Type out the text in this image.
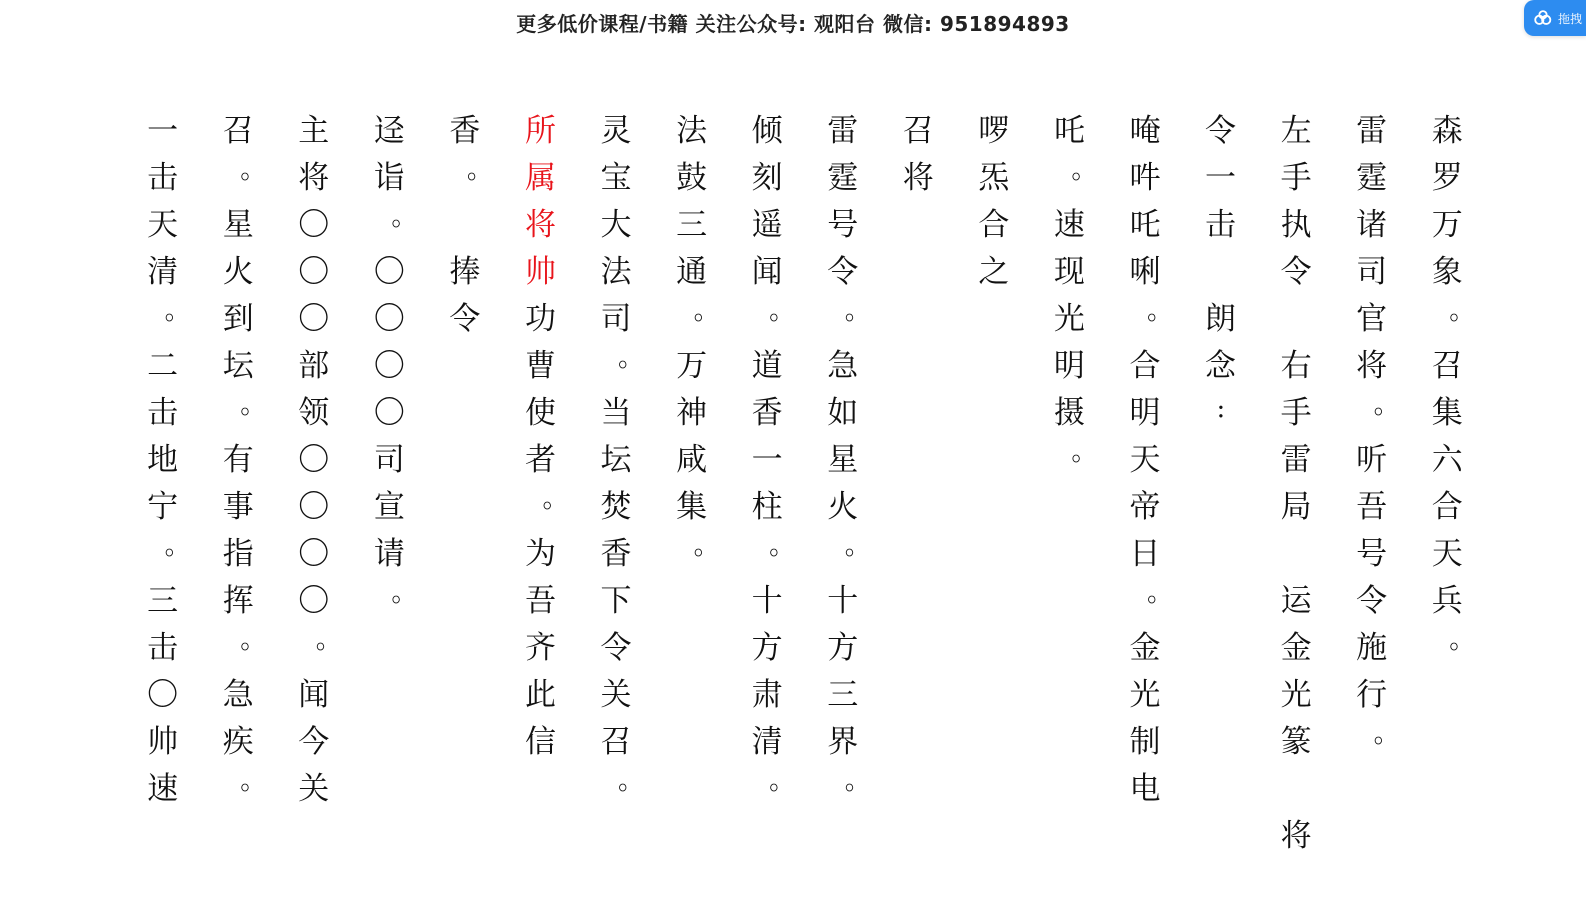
更多低价课程/书籍 关注公众号: 观阳台 微信: 951894893	拖拽
森
罗
万
象
。
召
集
六
合
天
兵
。
雷
霆
诸
司
官
将
。
听
吾
号
令
施
行
。
左
手
执
令

右
手
雷
局

运
金
光
篆

将
令
一
击

朗
念
:
唵
吽
吒
唎
。
合
明
天
帝
日
。
金
光
制
电
吒
。
速
现
光
明
摄
。
啰
炁
合
之
召
将
雷
霆
号
令
。
急
如
星
火
。
十
方
三
界
。
倾
刻
遥
闻
。
道
香
一
柱
。
十
方
肃
清
。
法
鼓
三
通
。
万
神
咸
集
。
灵
宝
大
法
司
。
当
坛
焚
香
下
令
关
召
。
所
属
将
帅
功
曹
使
者
。
为
吾
齐
此
信
香
。

捧
令
迳
诣
。
〇
〇
〇
〇
司
宣
请
。
主
将
〇
〇
〇
部
领
〇
〇
〇
〇
。
闻
今
关
召
。
星
火
到
坛
。
有
事
指
挥
。
急
疾
。
一
击
天
清
。
二
击
地
宁
。
三
击
〇
帅
速
